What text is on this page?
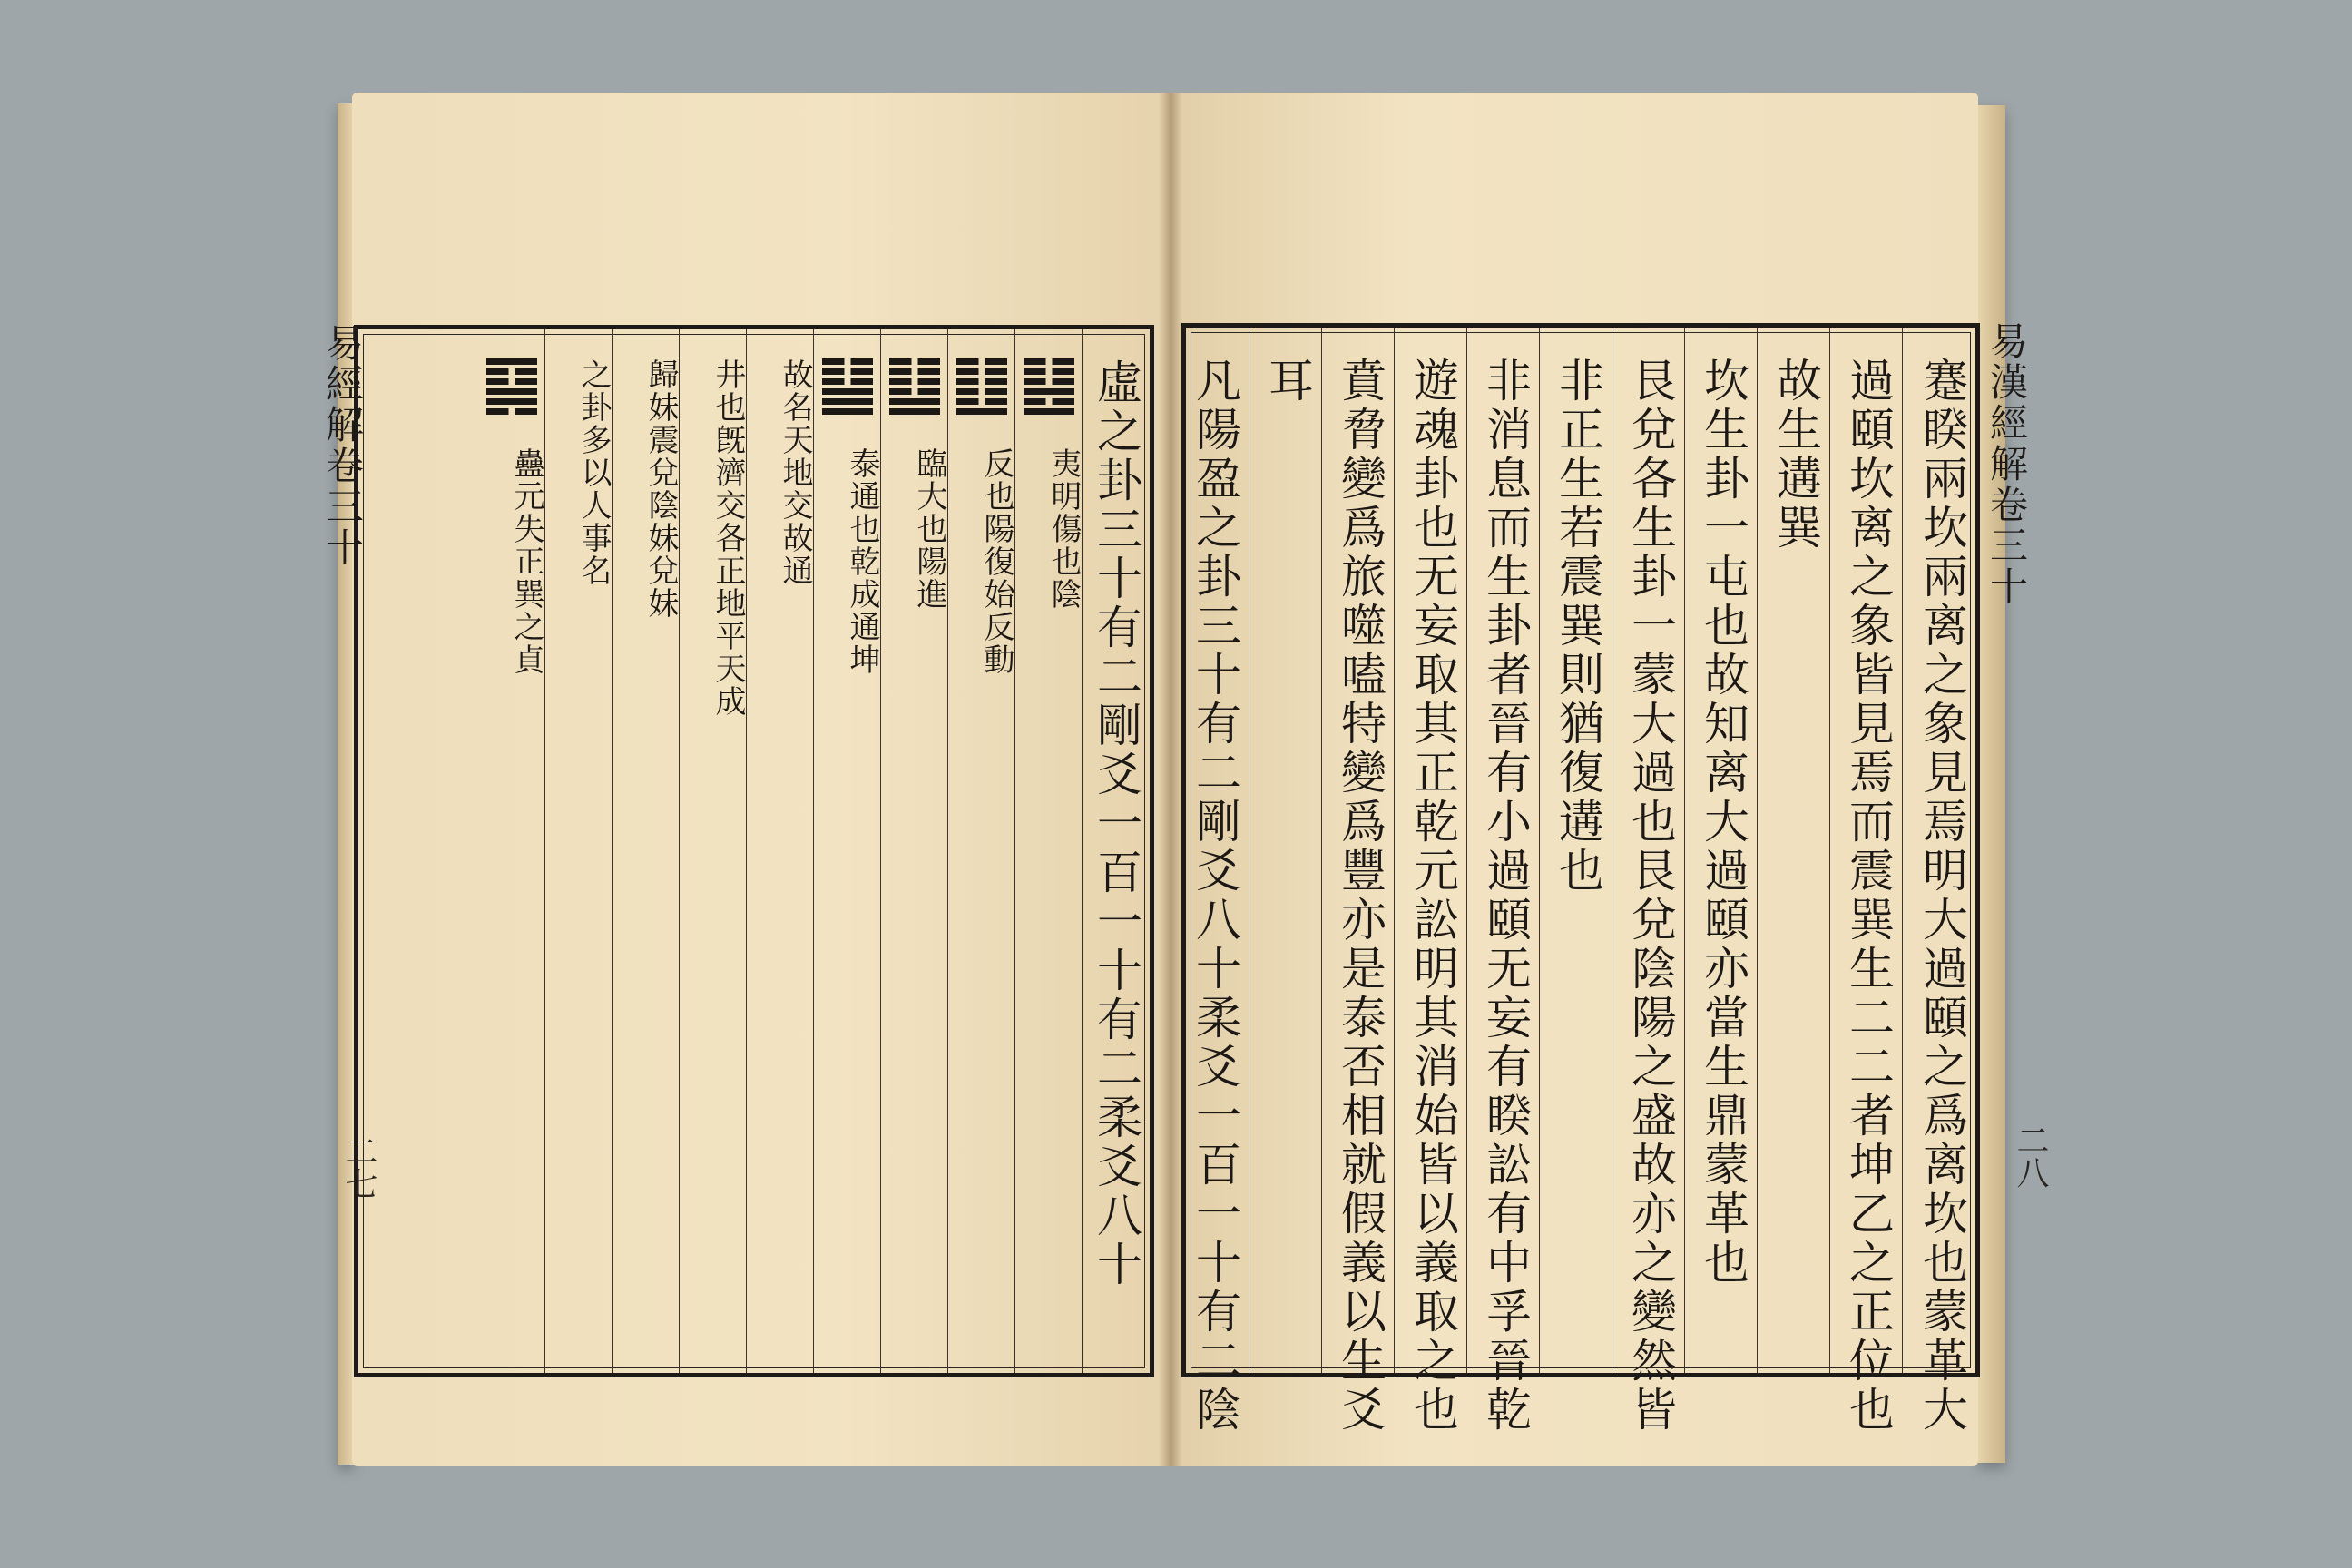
虛之卦三十有二剛爻一百一十有二柔爻八十
夷明傷也陰
反也陽復始反動
臨大也陽進
泰通也乾成通坤
故名天地交故通
井也旣濟交各正地平天成
歸妹震兌陰妹兌妹
之卦多以人事名
蠱元失正巽之貞
易經解卷三十
二七	蹇睽兩坎兩离之象見焉明大過頤之爲离坎也蒙革大
過頤坎离之象皆見焉而震巽生二二者坤乙之正位也
故生遘巽
坎生卦一屯也故知离大過頤亦當生鼎蒙革也
艮兌各生卦一蒙大過也艮兌陰陽之盛故亦之變然皆
非正生若震巽則猶復遘也
非消息而生卦者晉有小過頤无妄有睽訟有中孚晉乾
遊魂卦也无妄取其正乾元訟明其消始皆以義取之也
賁脅變爲旅噬嗑特變爲豐亦是泰否相就假義以生爻
耳
凡陽盈之卦三十有二剛爻八十柔爻一百一十有二陰	易漢經解卷三十
二八
